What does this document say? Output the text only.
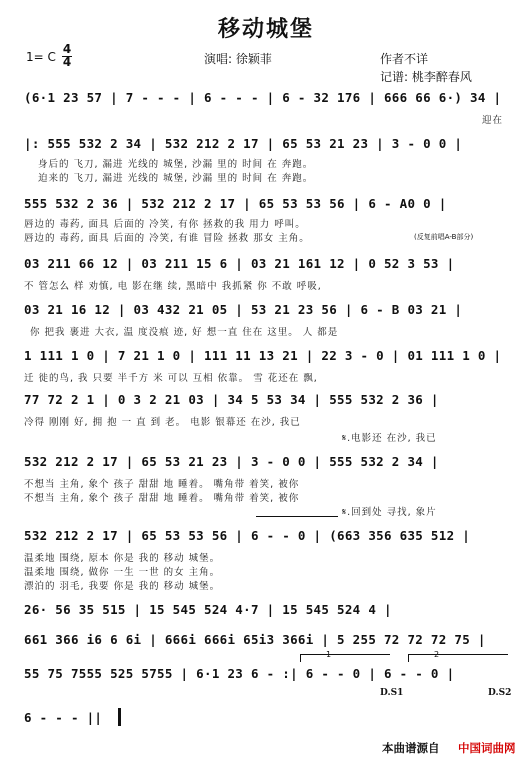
移动城堡
1= C
4
4	演唱: 徐颖菲	作者不详
记谱: 桃李醉春风
(6·1 23 57 | 7 - - - | 6 - - - | 6 - 32 176 | 666 66 6·) 34 |
迎在
|: 555 532 2 34 | 532 212 2 17 | 65 53 21 23 | 3 - 0 0 |
身后的 飞刀, 漏进 光线的 城堡, 沙漏 里的 时间 在 奔跑。
迫来的 飞刀, 漏进 光线的 城堡, 沙漏 里的 时间 在 奔跑。
555 532 2 36 | 532 212 2 17 | 65 53 53 56 | 6 - A0 0 |
唇边的 毒药, 面具 后面的 冷笑, 有你 拯救的我 用力 呼叫。
唇边的 毒药, 面具 后面的 冷笑, 有谁 冒险 拯救 那女 主角。	(反复前唱A-B部分)
03 211 66 12 | 03 211 15 6 | 03 21 161 12 | 0 52 3 53 |
不 管怎么 样 劝慎, 电 影在继 续, 黑暗中 我抓紧 你 不敢 呼吸,
03 21 16 12 | 03 432 21 05 | 53 21 23 56 | 6 - B 03 21 |
你 把我 裹进 大衣, 温 度没痕 迹, 好 想一直 住在 这里。 人 都是
1 111 1 0 | 7 21 1 0 | 111 11 13 21 | 22 3 - 0 | 01 111 1 0 |
迁 徙的鸟, 我 只要 半千方 米 可以 互相 依靠。 雪 花还在 飘,
77 72 2 1 | 0 3 2 21 03 | 34 5 53 34 | 555 532 2 36 |
冷得 刚刚 好, 拥 抱 一 直 到 老。 电影 银幕还 在沙, 我已
𝄋.电影还 在沙, 我已
532 212 2 17 | 65 53 21 23 | 3 - 0 0 | 555 532 2 34 |
不想当 主角, 象个 孩子 甜甜 地 睡着。 嘴角带 着笑, 被你
不想当 主角, 象个 孩子 甜甜 地 睡着。 嘴角带 着笑, 被你
𝄋.回到处 寻找, 象片
532 212 2 17 | 65 53 53 56 | 6 - - 0 | (663 356 635 512 |
温柔地 围绕, 原本 你是 我的 移动 城堡。
温柔地 围绕, 做你 一生 一世 的女 主角。
漂泊的 羽毛, 我要 你是 我的 移动 城堡。
26· 56 35 515 | 15 545 524 4·7 | 15 545 524 4 |
661 366 i6 6 6i | 666i 666i 65i3 366i | 5 255 72 72 72 75 |
1	2
55 75 7555 525 5755 | 6·1 23 6 - :| 6 - - 0 | 6 - - 0 |
D.S1	D.S2
6 - - - ||
本曲谱源自 中国词曲网
